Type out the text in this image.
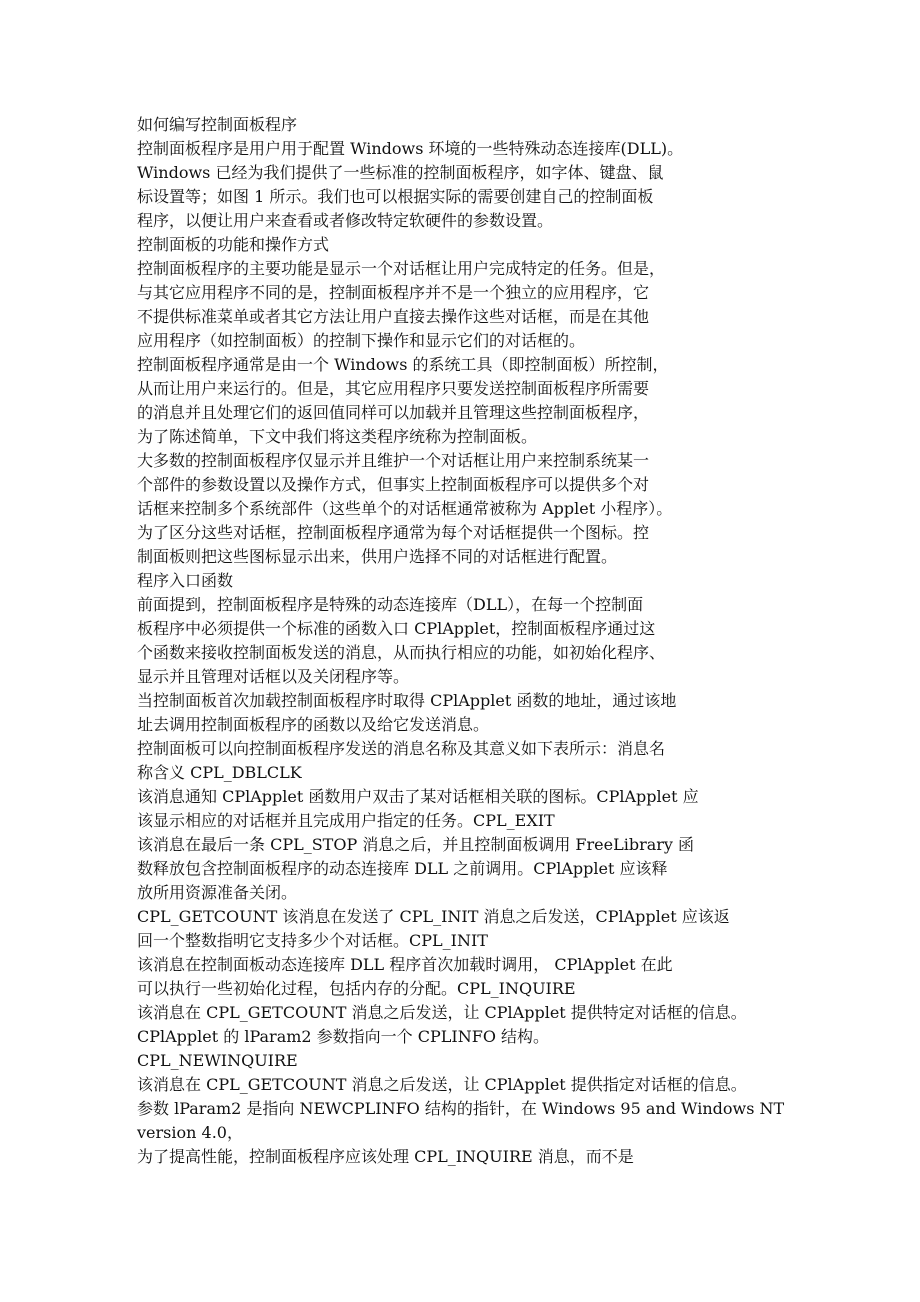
如何编写控制面板程序
控制面板程序是用户用于配置 Windows 环境的一些特殊动态连接库(DLL)。
Windows 已经为我们提供了一些标准的控制面板程序，如字体、键盘、鼠
标设置等；如图 1 所示。我们也可以根据实际的需要创建自己的控制面板
程序，以便让用户来查看或者修改特定软硬件的参数设置。
控制面板的功能和操作方式
控制面板程序的主要功能是显示一个对话框让用户完成特定的任务。但是，
与其它应用程序不同的是，控制面板程序并不是一个独立的应用程序，它
不提供标准菜单或者其它方法让用户直接去操作这些对话框，而是在其他
应用程序（如控制面板）的控制下操作和显示它们的对话框的。
控制面板程序通常是由一个 Windows 的系统工具（即控制面板）所控制，
从而让用户来运行的。但是，其它应用程序只要发送控制面板程序所需要
的消息并且处理它们的返回值同样可以加载并且管理这些控制面板程序，
为了陈述简单，下文中我们将这类程序统称为控制面板。
大多数的控制面板程序仅显示并且维护一个对话框让用户来控制系统某一
个部件的参数设置以及操作方式，但事实上控制面板程序可以提供多个对
话框来控制多个系统部件（这些单个的对话框通常被称为 Applet 小程序）。
为了区分这些对话框，控制面板程序通常为每个对话框提供一个图标。控
制面板则把这些图标显示出来，供用户选择不同的对话框进行配置。
程序入口函数
前面提到，控制面板程序是特殊的动态连接库（DLL），在每一个控制面
板程序中必须提供一个标准的函数入口 CPlApplet，控制面板程序通过这
个函数来接收控制面板发送的消息，从而执行相应的功能，如初始化程序、
显示并且管理对话框以及关闭程序等。
当控制面板首次加载控制面板程序时取得 CPlApplet 函数的地址，通过该地
址去调用控制面板程序的函数以及给它发送消息。
控制面板可以向控制面板程序发送的消息名称及其意义如下表所示：消息名
称含义 CPL_DBLCLK
该消息通知 CPlApplet 函数用户双击了某对话框相关联的图标。CPlApplet 应
该显示相应的对话框并且完成用户指定的任务。CPL_EXIT
该消息在最后一条 CPL_STOP 消息之后，并且控制面板调用 FreeLibrary 函
数释放包含控制面板程序的动态连接库 DLL 之前调用。CPlApplet 应该释
放所用资源准备关闭。
CPL_GETCOUNT 该消息在发送了 CPL_INIT 消息之后发送，CPlApplet 应该返
回一个整数指明它支持多少个对话框。CPL_INIT
该消息在控制面板动态连接库 DLL 程序首次加载时调用， CPlApplet 在此
可以执行一些初始化过程，包括内存的分配。CPL_INQUIRE
该消息在 CPL_GETCOUNT 消息之后发送，让 CPlApplet 提供特定对话框的信息。
CPlApplet 的 lParam2 参数指向一个 CPLINFO 结构。
CPL_NEWINQUIRE
该消息在 CPL_GETCOUNT 消息之后发送，让 CPlApplet 提供指定对话框的信息。
参数 lParam2 是指向 NEWCPLINFO 结构的指针，在 Windows 95 and Windows NT
version 4.0，
为了提高性能，控制面板程序应该处理 CPL_INQUIRE 消息，而不是
